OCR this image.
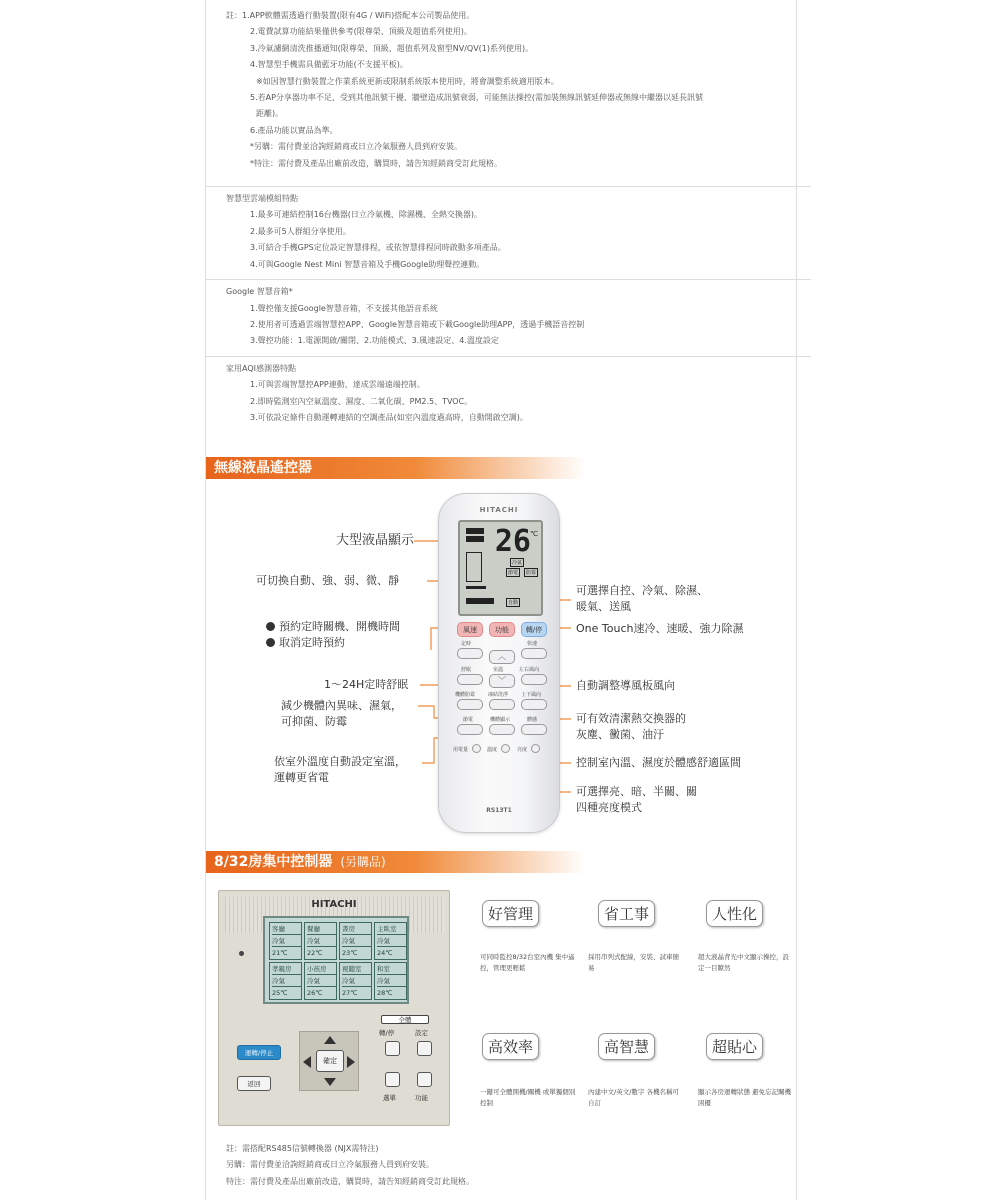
註：1.APP軟體需透過行動裝置(限有4G / WiFi)搭配本公司製品使用。
2.電費試算功能結果僅供參考(限尊榮、頂級及超值系列使用)。
3.冷氣濾網清洗推播通知(限尊榮、頂級、超值系列及窗型NV/QV(1)系列使用)。
4.智慧型手機需具備藍牙功能(不支援平板)。
※如因智慧行動裝置之作業系統更新或限制系統版本使用時，將會調整系統適用版本。
5.若AP分享器功率不足、受到其他訊號干擾、牆壁造成訊號衰弱，可能無法操控(需加裝無線訊號延伸器或無線中繼器以延長訊號
距離)。
6.產品功能以實品為準。
*另購：需付費並洽詢經銷商或日立冷氣服務人員到府安裝。
*特注：需付費及產品出廠前改造，購買時，請告知經銷商受訂此規格。
智慧型雲端模組特點
1.最多可連結控制16台機器(日立冷氣機、除濕機、全熱交換器)。
2.最多可5人群組分享使用。
3.可結合手機GPS定位設定智慧排程，或依智慧排程同時啟動多項產品。
4.可與Google Nest Mini 智慧音箱及手機Google助理聲控連動。
Google 智慧音箱*
1.聲控僅支援Google智慧音箱，不支援其他語音系統
2.使用者可透過雲端智慧控APP、Google智慧音箱或下載Google助理APP，透過手機語音控制
3.聲控功能：1.電源開啟/關閉、2.功能模式、3.風速設定、4.溫度設定
家用AQI感測器特點
1.可與雲端智慧控APP連動，達成雲端遠端控制。
2.即時監測室內空氣溫度、濕度、二氧化碳、PM2.5、TVOC。
3.可依設定條件自動運轉連結的空調產品(如室內溫度過高時，自動開啟空調)。
無線液晶遙控器
HITACHI
26 ℃
冷氣
節電	防霉
自動
風速	功能	轉/停
定時	快速
︿
舒眠	室溫	左右風向
﹀
機體防霉	凍結洗淨	上下風向
節電	機體顯示	體感
用電量	溫度	亮度
RS13T1
大型液晶顯示
可切換自動、強、弱、微、靜
預約定時關機、開機時間
取消定時預約
1～24H定時舒眠
減少機體內異味、濕氣，
可抑菌、防霉
依室外溫度自動設定室溫，
運轉更省電
可選擇自控、冷氣、除濕、
暖氣、送風
One Touch速冷、速暖、強力除濕
自動調整導風板風向
可有效清潔熱交換器的
灰塵、黴菌、油汙
控制室內溫、濕度於體感舒適區間
可選擇亮、暗、半關、關
四種亮度模式
8/32房集中控制器 (另購品)
HITACHI
客廳
冷氣
21℃
餐廳
冷氣
22℃
書房
冷氣
23℃
主臥室
冷氣
24℃
孝親房
冷氣
25℃
小孩房
冷氣
26℃
視聽室
冷氣
27℃
和室
冷氣
28℃
全體
轉/停	設定
選單	功能
運轉/停止
返回
確定
好管理
可同時監控8/32台室內機 集中遙控，管理更輕鬆
省工事
採用串列式配線，安裝、試車簡易
人性化
超大液晶背光中文顯示操控，設定一目瞭然
高效率
一鍵可全體開機/關機 或單獨個別控制
高智慧
內建中文/英文/數字 各機名稱可自訂
超貼心
顯示各房運轉狀態 避免忘記關機困擾
註：需搭配RS485信號轉換器 (NJX需特注)
另購：需付費並洽詢經銷商或日立冷氣服務人員到府安裝。
特注：需付費及產品出廠前改造，購買時，請告知經銷商受訂此規格。
